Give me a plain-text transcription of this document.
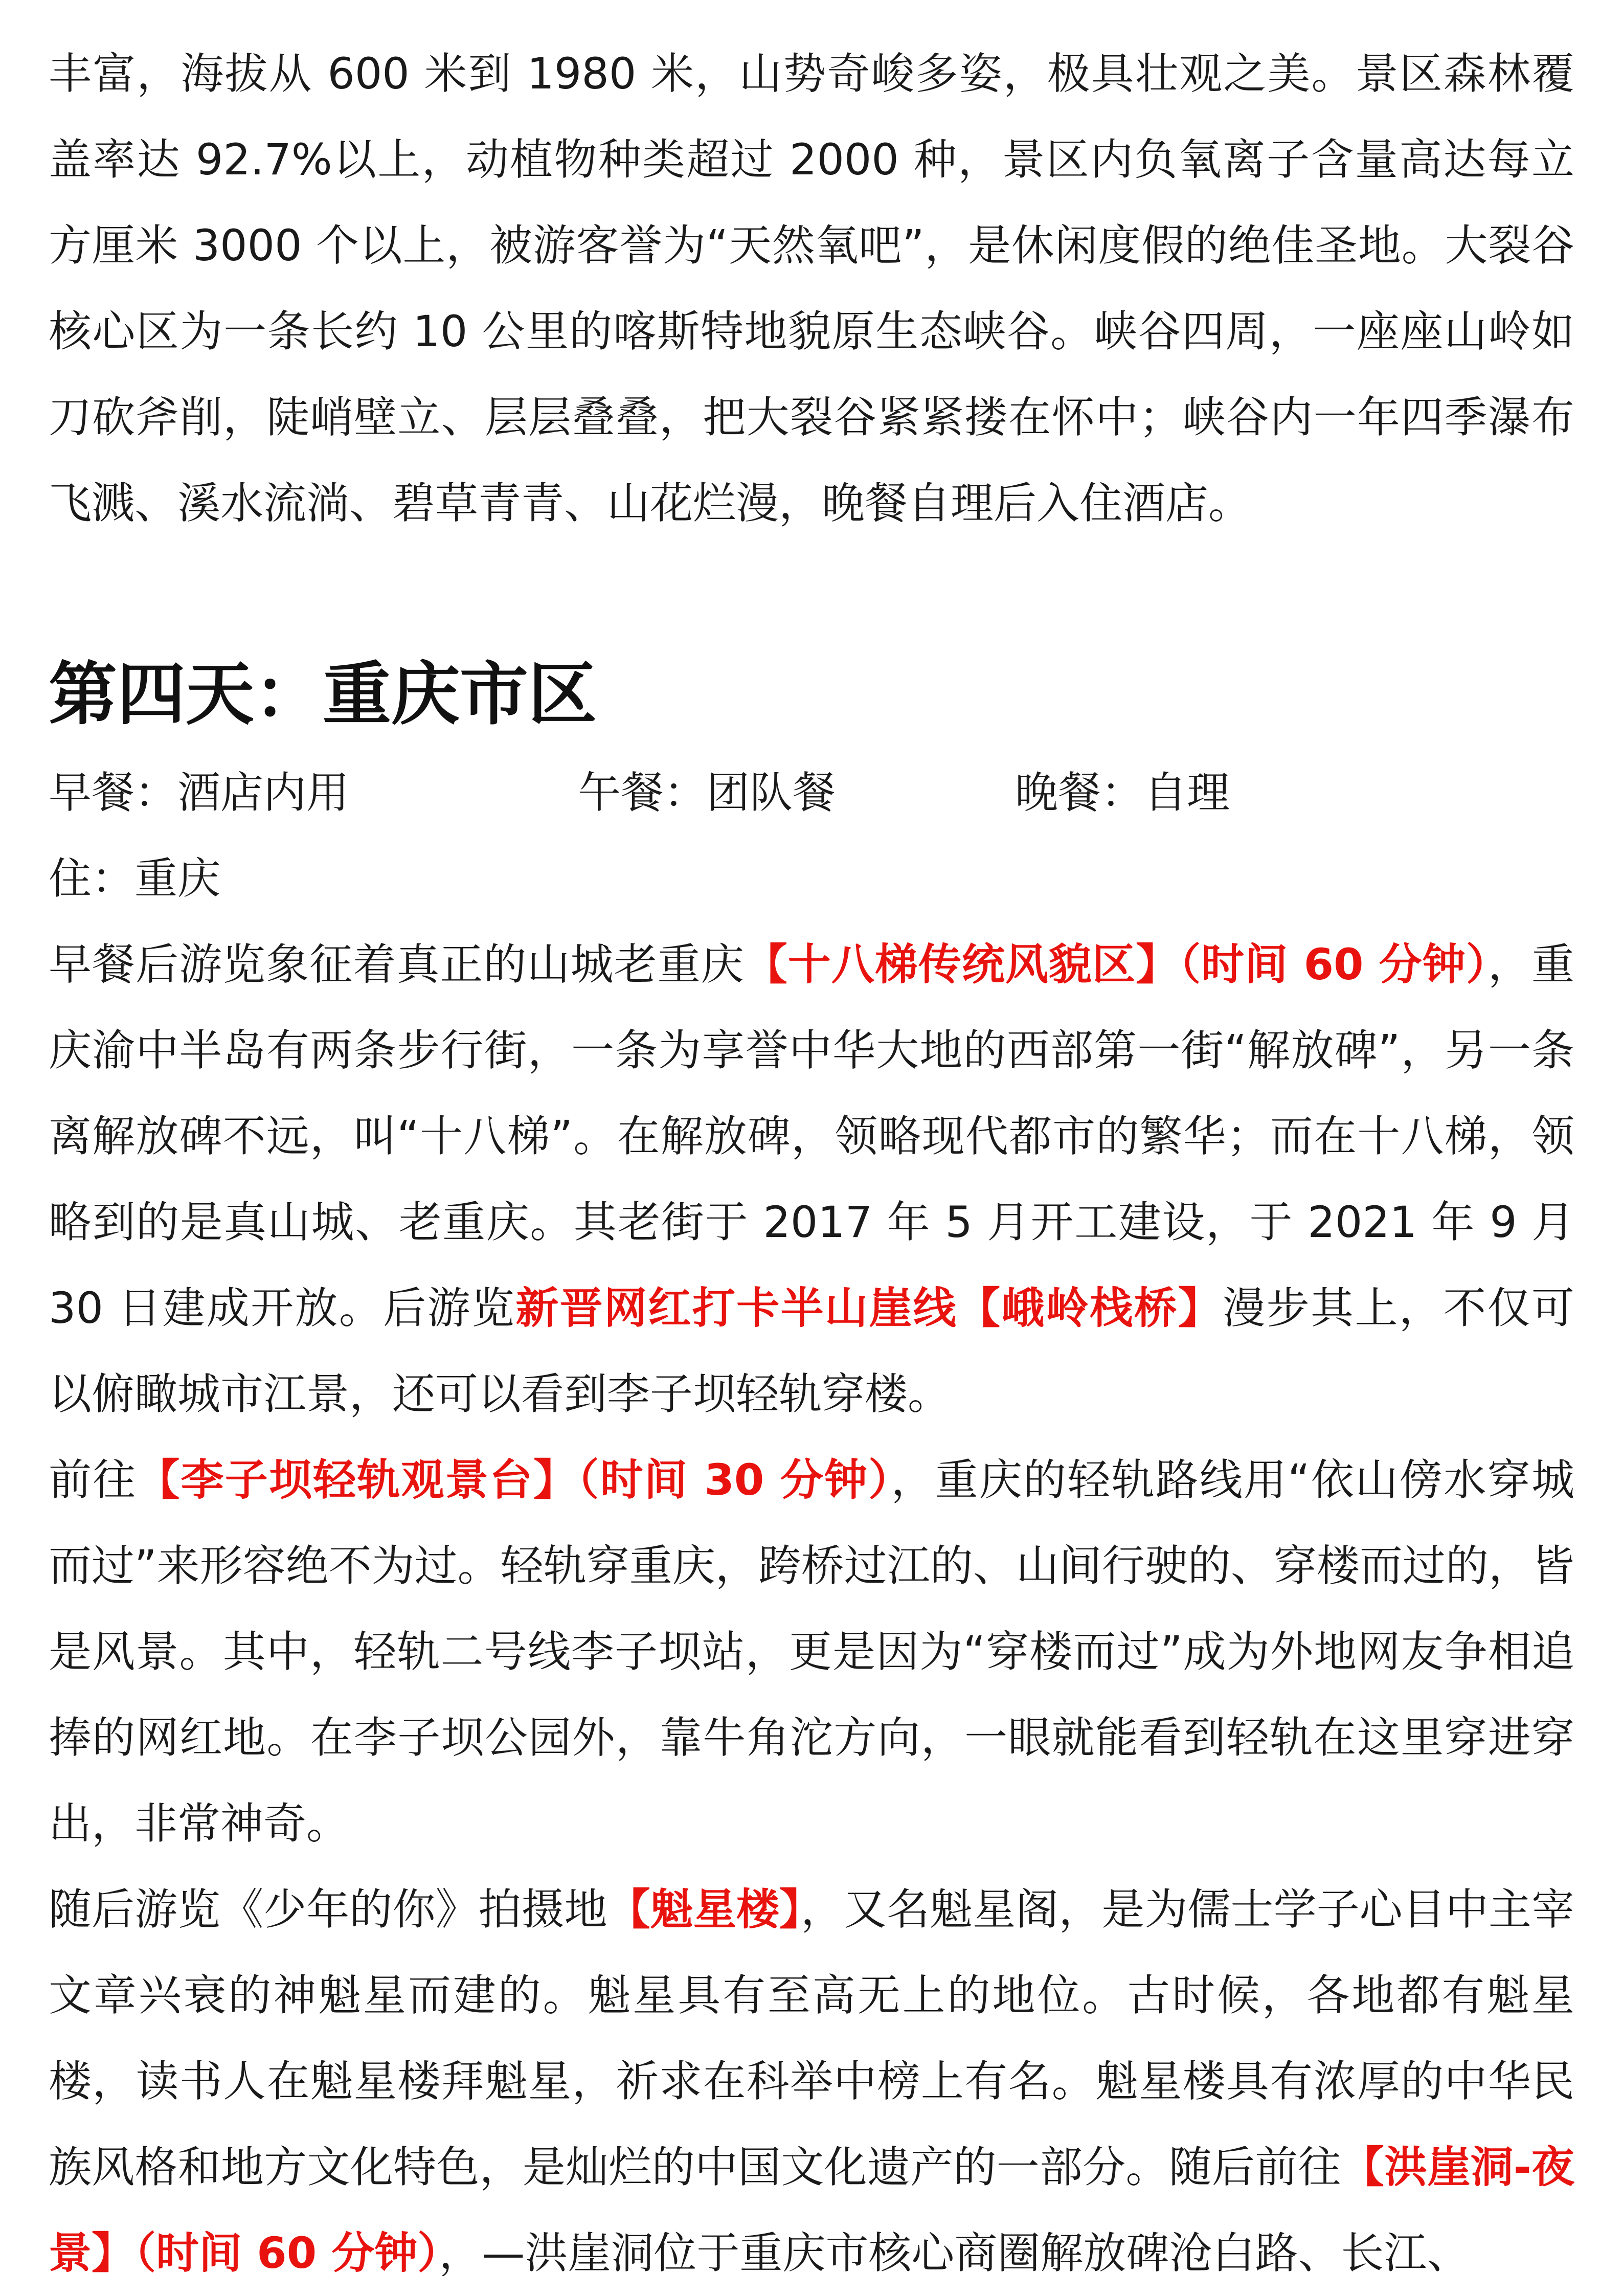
丰富，海拔从 600 米到 1980 米，山势奇峻多姿，极具壮观之美。景区森林覆盖率达 92.7%以上，动植物种类超过 2000 种，景区内负氧离子含量高达每立方厘米 3000 个以上，被游客誉为“天然氧吧”，是休闲度假的绝佳圣地。大裂谷核心区为一条长约 10 公里的喀斯特地貌原生态峡谷。峡谷四周，一座座山岭如刀砍斧削，陡峭壁立、层层叠叠，把大裂谷紧紧搂在怀中；峡谷内一年四季瀑布飞溅、溪水流淌、碧草青青、山花烂漫，晚餐自理后入住酒店。

第四天：重庆市区
早餐：酒店内用	午餐：团队餐	晚餐：自理

住：重庆

早餐后游览象征着真正的山城老重庆【十八梯传统风貌区】（时间 60 分钟），重庆渝中半岛有两条步行街，一条为享誉中华大地的西部第一街“解放碑”，另一条离解放碑不远，叫“十八梯”。在解放碑，领略现代都市的繁华；而在十八梯，领略到的是真山城、老重庆。其老街于 2017 年 5 月开工建设，于 2021 年 9 月 30 日建成开放。后游览新晋网红打卡半山崖线【峨岭栈桥】漫步其上，不仅可以俯瞰城市江景，还可以看到李子坝轻轨穿楼。

前往【李子坝轻轨观景台】（时间 30 分钟），重庆的轻轨路线用“依山傍水穿城而过”来形容绝不为过。轻轨穿重庆，跨桥过江的、山间行驶的、穿楼而过的，皆是风景。其中，轻轨二号线李子坝站，更是因为“穿楼而过”成为外地网友争相追捧的网红地。在李子坝公园外，靠牛角沱方向，一眼就能看到轻轨在这里穿进穿出，非常神奇。

随后游览《少年的你》拍摄地【魁星楼】，又名魁星阁，是为儒士学子心目中主宰文章兴衰的神魁星而建的。魁星具有至高无上的地位。古时候，各地都有魁星楼，读书人在魁星楼拜魁星，祈求在科举中榜上有名。魁星楼具有浓厚的中华民族风格和地方文化特色，是灿烂的中国文化遗产的一部分。随后前往【洪崖洞-夜景】（时间 60 分钟），—洪崖洞位于重庆市核心商圈解放碑沧白路、长江、
